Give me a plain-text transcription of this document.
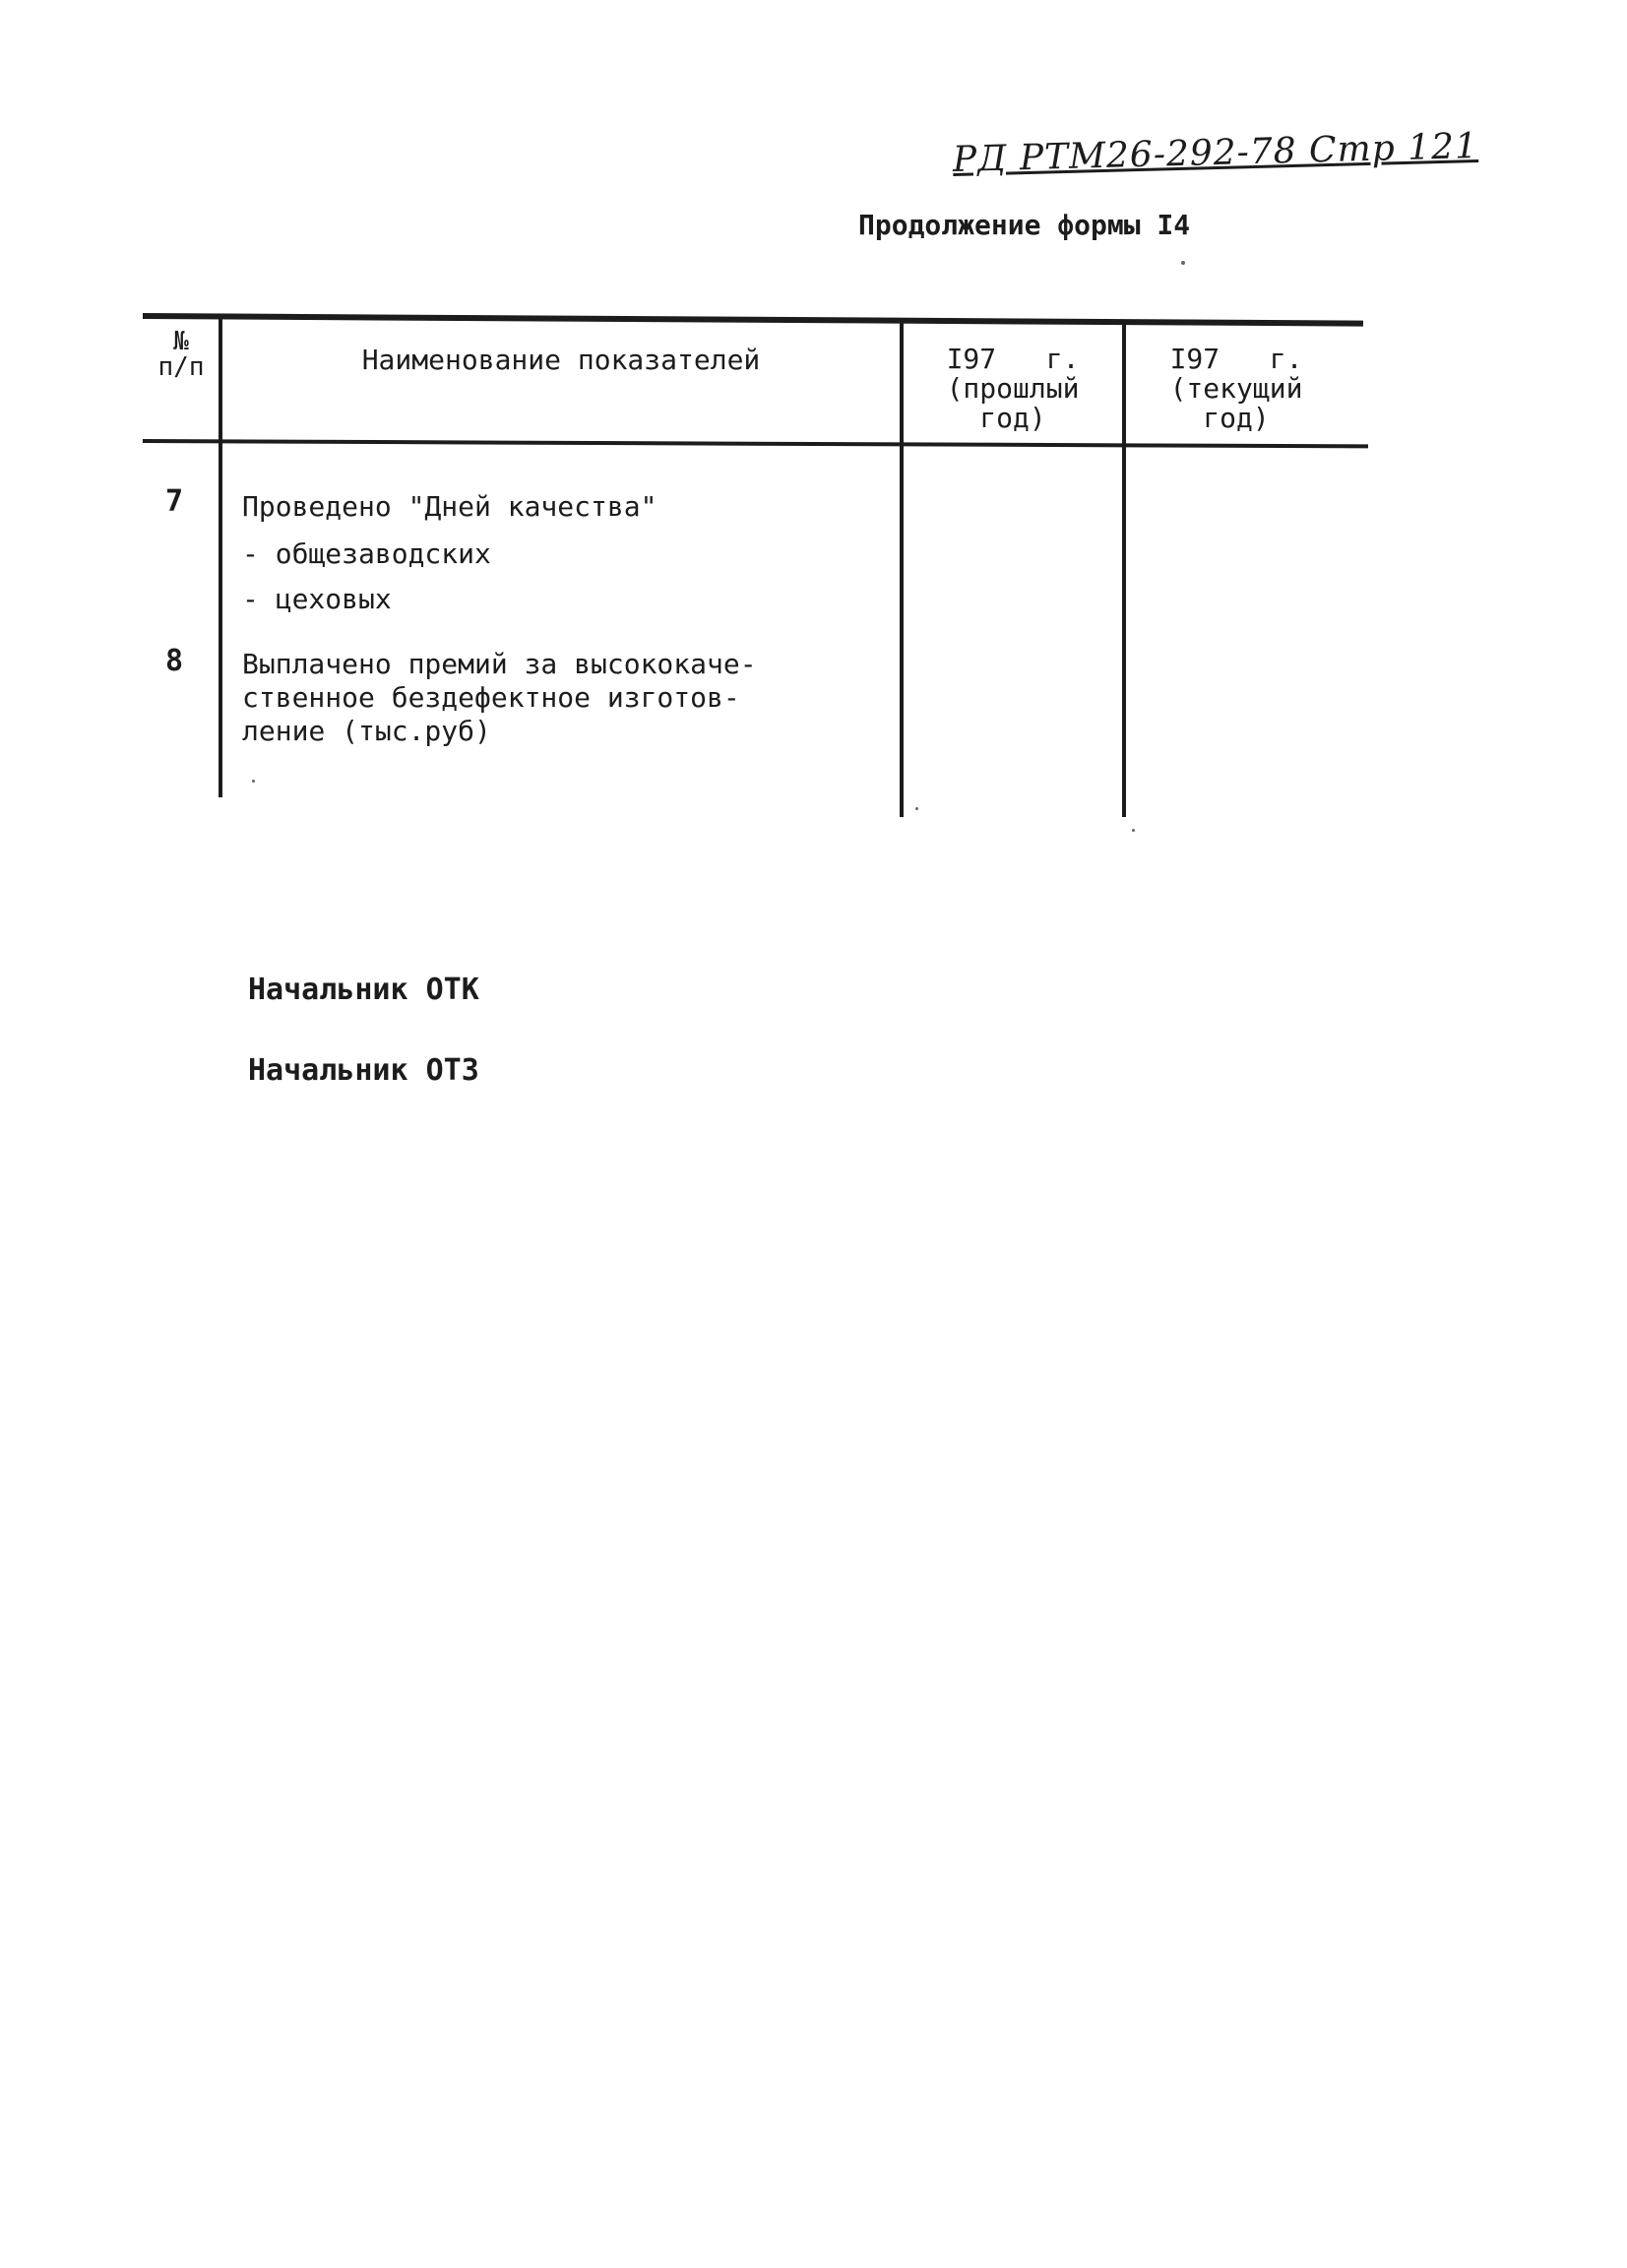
РД РТМ26-292-78 Стр 121
Продолжение формы I4
№
п/п	Наименование показателей	I97   г.
(прошлый
год)
I97   г.
(текущий
год)
7 Проведено "Дней качества"
- общезаводских
- цеховых
8 Выплачено премий за высококаче-
ственное бездефектное изготов-
ление (тыс.руб)
Начальник ОТК
Начальник ОТЗ
